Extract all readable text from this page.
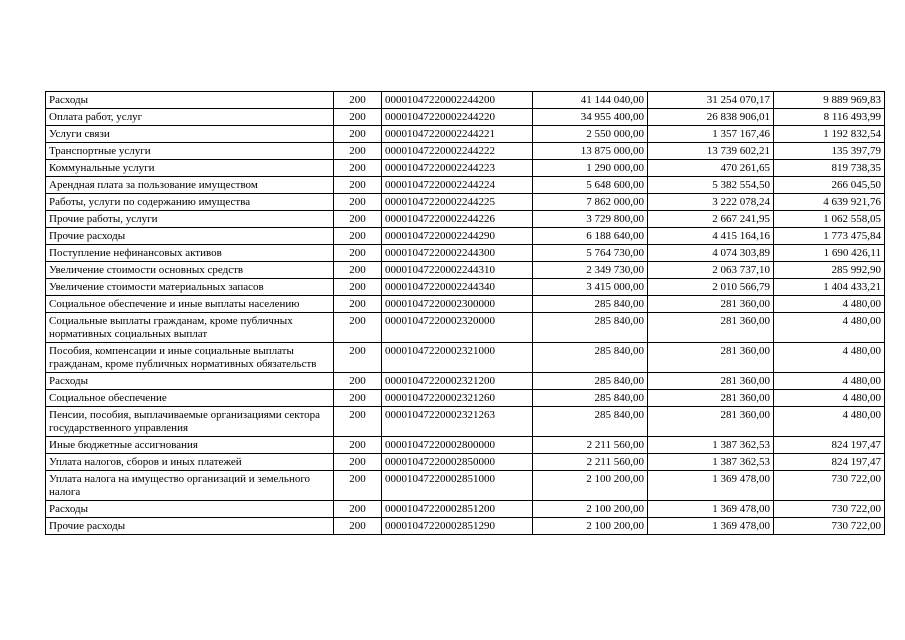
Расходы	200	00001047220002244200	41 144 040,00	31 254 070,17	9 889 969,83
Оплата работ, услуг	200	00001047220002244220	34 955 400,00	26 838 906,01	8 116 493,99
Услуги связи	200	00001047220002244221	2 550 000,00	1 357 167,46	1 192 832,54
Транспортные услуги	200	00001047220002244222	13 875 000,00	13 739 602,21	135 397,79
Коммунальные услуги	200	00001047220002244223	1 290 000,00	470 261,65	819 738,35
Арендная плата за пользование имуществом	200	00001047220002244224	5 648 600,00	5 382 554,50	266 045,50
Работы, услуги по содержанию имущества	200	00001047220002244225	7 862 000,00	3 222 078,24	4 639 921,76
Прочие работы, услуги	200	00001047220002244226	3 729 800,00	2 667 241,95	1 062 558,05
Прочие расходы	200	00001047220002244290	6 188 640,00	4 415 164,16	1 773 475,84
Поступление нефинансовых активов	200	00001047220002244300	5 764 730,00	4 074 303,89	1 690 426,11
Увеличение стоимости основных средств	200	00001047220002244310	2 349 730,00	2 063 737,10	285 992,90
Увеличение стоимости материальных запасов	200	00001047220002244340	3 415 000,00	2 010 566,79	1 404 433,21
Социальное обеспечение и иные выплаты населению	200	00001047220002300000	285 840,00	281 360,00	4 480,00
Социальные выплаты гражданам, кроме публичных нормативных социальных выплат	200	00001047220002320000	285 840,00	281 360,00	4 480,00
Пособия, компенсации и иные социальные выплаты гражданам, кроме публичных нормативных обязательств	200	00001047220002321000	285 840,00	281 360,00	4 480,00
Расходы	200	00001047220002321200	285 840,00	281 360,00	4 480,00
Социальное обеспечение	200	00001047220002321260	285 840,00	281 360,00	4 480,00
Пенсии, пособия, выплачиваемые организациями сектора государственного управления	200	00001047220002321263	285 840,00	281 360,00	4 480,00
Иные бюджетные ассигнования	200	00001047220002800000	2 211 560,00	1 387 362,53	824 197,47
Уплата налогов, сборов и иных платежей	200	00001047220002850000	2 211 560,00	1 387 362,53	824 197,47
Уплата налога на имущество организаций и земельного налога	200	00001047220002851000	2 100 200,00	1 369 478,00	730 722,00
Расходы	200	00001047220002851200	2 100 200,00	1 369 478,00	730 722,00
Прочие расходы	200	00001047220002851290	2 100 200,00	1 369 478,00	730 722,00
